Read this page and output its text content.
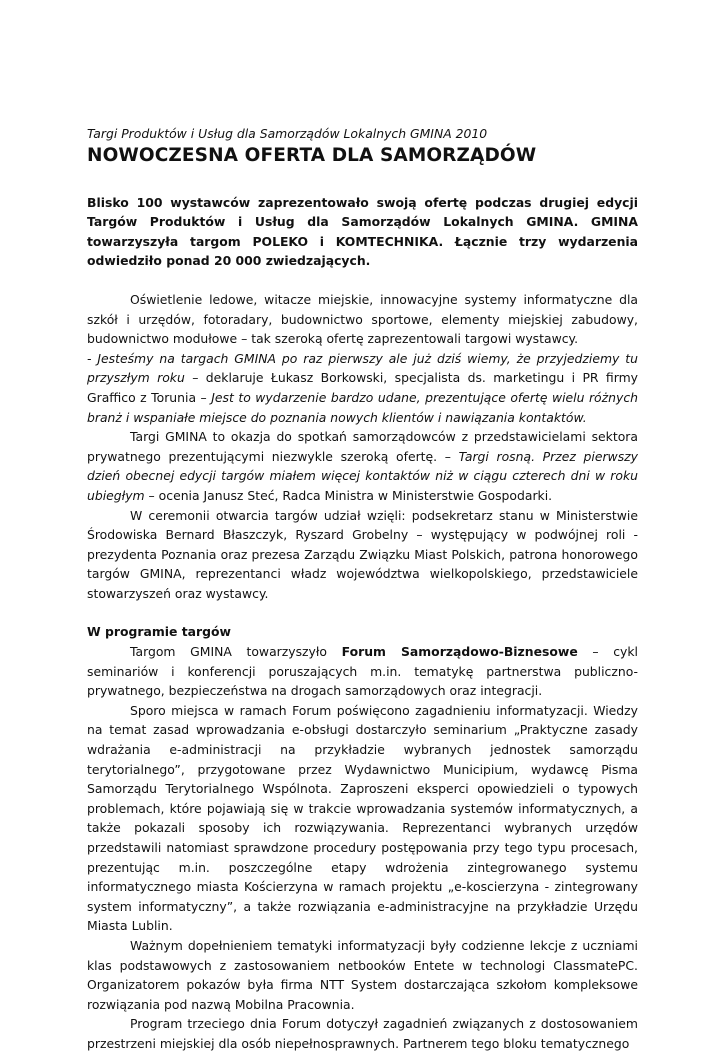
Targi Produktów i Usług dla Samorządów Lokalnych GMINA 2010

NOWOCZESNA OFERTA DLA SAMORZĄDÓW

Blisko 100 wystawców zaprezentowało swoją ofertę podczas drugiej edycji Targów Produktów i Usług dla Samorządów Lokalnych GMINA. GMINA towarzyszyła targom POLEKO i KOMTECHNIKA. Łącznie trzy wydarzenia odwiedziło ponad 20 000 zwiedzających.

Oświetlenie ledowe, witacze miejskie, innowacyjne systemy informatyczne dla szkół i urzędów, fotoradary, budownictwo sportowe, elementy miejskiej zabudowy, budownictwo modułowe – tak szeroką ofertę zaprezentowali targowi wystawcy.
- Jesteśmy na targach GMINA po raz pierwszy ale już dziś wiemy, że przyjedziemy tu przyszłym roku – deklaruje Łukasz Borkowski, specjalista ds. marketingu i PR firmy Graffico z Torunia – Jest to wydarzenie bardzo udane, prezentujące ofertę wielu różnych branż i wspaniałe miejsce do poznania nowych klientów i nawiązania kontaktów.

Targi GMINA to okazja do spotkań samorządowców z przedstawicielami sektora prywatnego prezentującymi niezwykle szeroką ofertę. – Targi rosną. Przez pierwszy dzień obecnej edycji targów miałem więcej kontaktów niż w ciągu czterech dni w roku ubiegłym – ocenia Janusz Steć, Radca Ministra w Ministerstwie Gospodarki.

W ceremonii otwarcia targów udział wzięli: podsekretarz stanu w Ministerstwie Środowiska Bernard Błaszczyk, Ryszard Grobelny – występujący w podwójnej roli - prezydenta Poznania oraz prezesa Zarządu Związku Miast Polskich, patrona honorowego targów GMINA, reprezentanci władz województwa wielkopolskiego, przedstawiciele stowarzyszeń oraz wystawcy.

W programie targów

Targom GMINA towarzyszyło Forum Samorządowo-Biznesowe – cykl seminariów i konferencji poruszających m.in. tematykę partnerstwa publiczno-prywatnego, bezpieczeństwa na drogach samorządowych oraz integracji.

Sporo miejsca w ramach Forum poświęcono zagadnieniu informatyzacji. Wiedzy na temat zasad wprowadzania e-obsługi dostarczyło seminarium „Praktyczne zasady wdrażania e-administracji na przykładzie wybranych jednostek samorządu terytorialnego”, przygotowane przez Wydawnictwo Municipium, wydawcę Pisma Samorządu Terytorialnego Wspólnota. Zaproszeni eksperci opowiedzieli o typowych problemach, które pojawiają się w trakcie wprowadzania systemów informatycznych, a także pokazali sposoby ich rozwiązywania. Reprezentanci wybranych urzędów przedstawili natomiast sprawdzone procedury postępowania przy tego typu procesach, prezentując m.in. poszczególne etapy wdrożenia zintegrowanego systemu informatycznego miasta Kościerzyna w ramach projektu „e-koscierzyna - zintegrowany system informatyczny”, a także rozwiązania e-administracyjne na przykładzie Urzędu Miasta Lublin.

Ważnym dopełnieniem tematyki informatyzacji były codzienne lekcje z uczniami klas podstawowych z zastosowaniem netbooków Entete w technologi ClassmatePC. Organizatorem pokazów była firma NTT System dostarczająca szkołom kompleksowe rozwiązania pod nazwą Mobilna Pracownia.

Program trzeciego dnia Forum dotyczył zagadnień związanych z dostosowaniem przestrzeni miejskiej dla osób niepełnosprawnych. Partnerem tego bloku tematycznego
